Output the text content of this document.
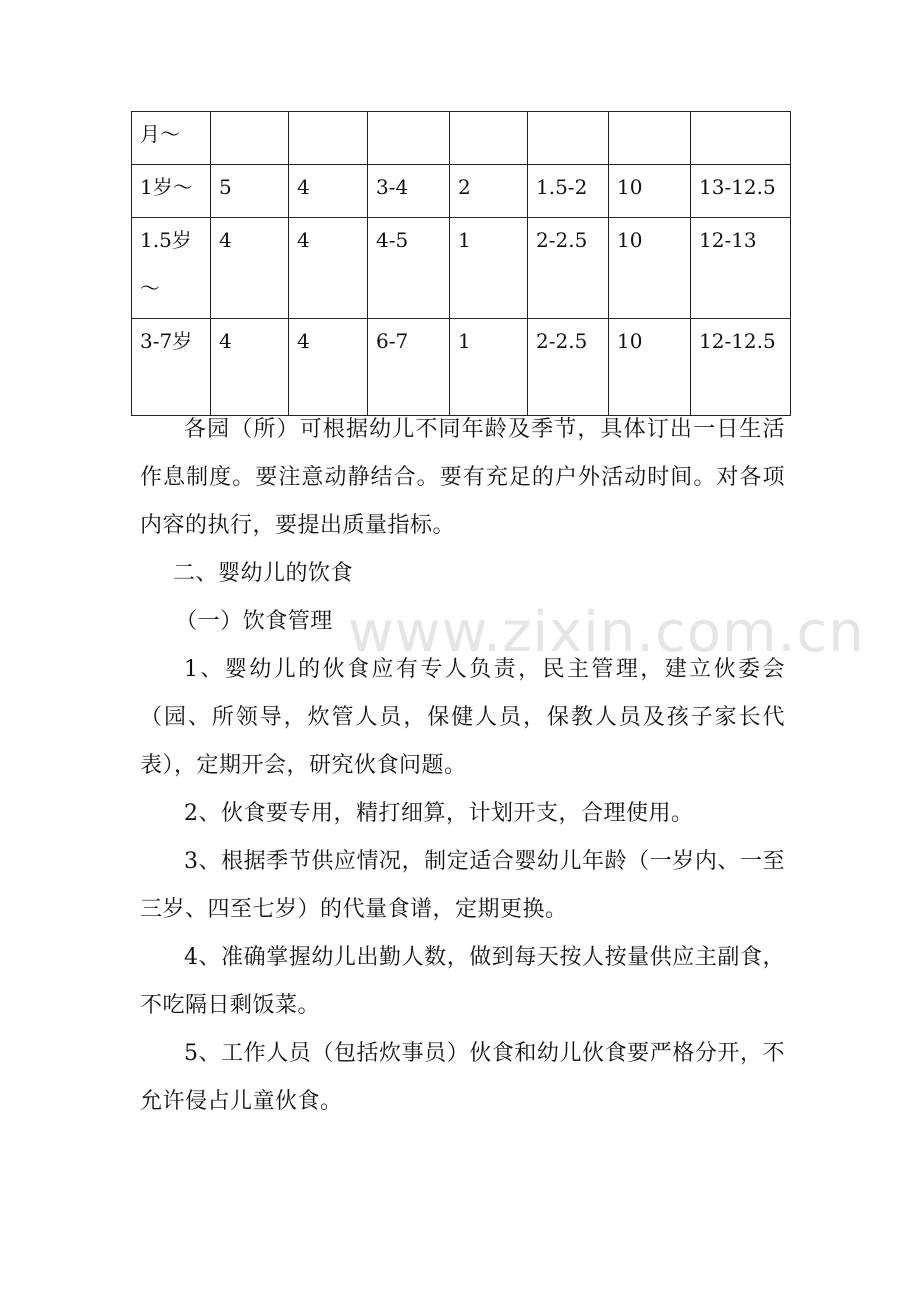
月～							

1岁～	5	4	3-4	2	1.5-2	10	13-12.5

1.5岁～	4	4	4-5	1	2-2.5	10	12-13

3-7岁	4	4	6-7	1	2-2.5	10	12-12.5

各园（所）可根据幼儿不同年龄及季节，具体订出一日生活作息制度。要注意动静结合。要有充足的户外活动时间。对各项内容的执行，要提出质量指标。

二、婴幼儿的饮食

（一）饮食管理

1、婴幼儿的伙食应有专人负责，民主管理，建立伙委会（园、所领导，炊管人员，保健人员，保教人员及孩子家长代表），定期开会，研究伙食问题。

2、伙食要专用，精打细算，计划开支，合理使用。

3、根据季节供应情况，制定适合婴幼儿年龄（一岁内、一至三岁、四至七岁）的代量食谱，定期更换。

4、准确掌握幼儿出勤人数，做到每天按人按量供应主副食，不吃隔日剩饭菜。

5、工作人员（包括炊事员）伙食和幼儿伙食要严格分开，不允许侵占儿童伙食。

www.zixin.com.cn
